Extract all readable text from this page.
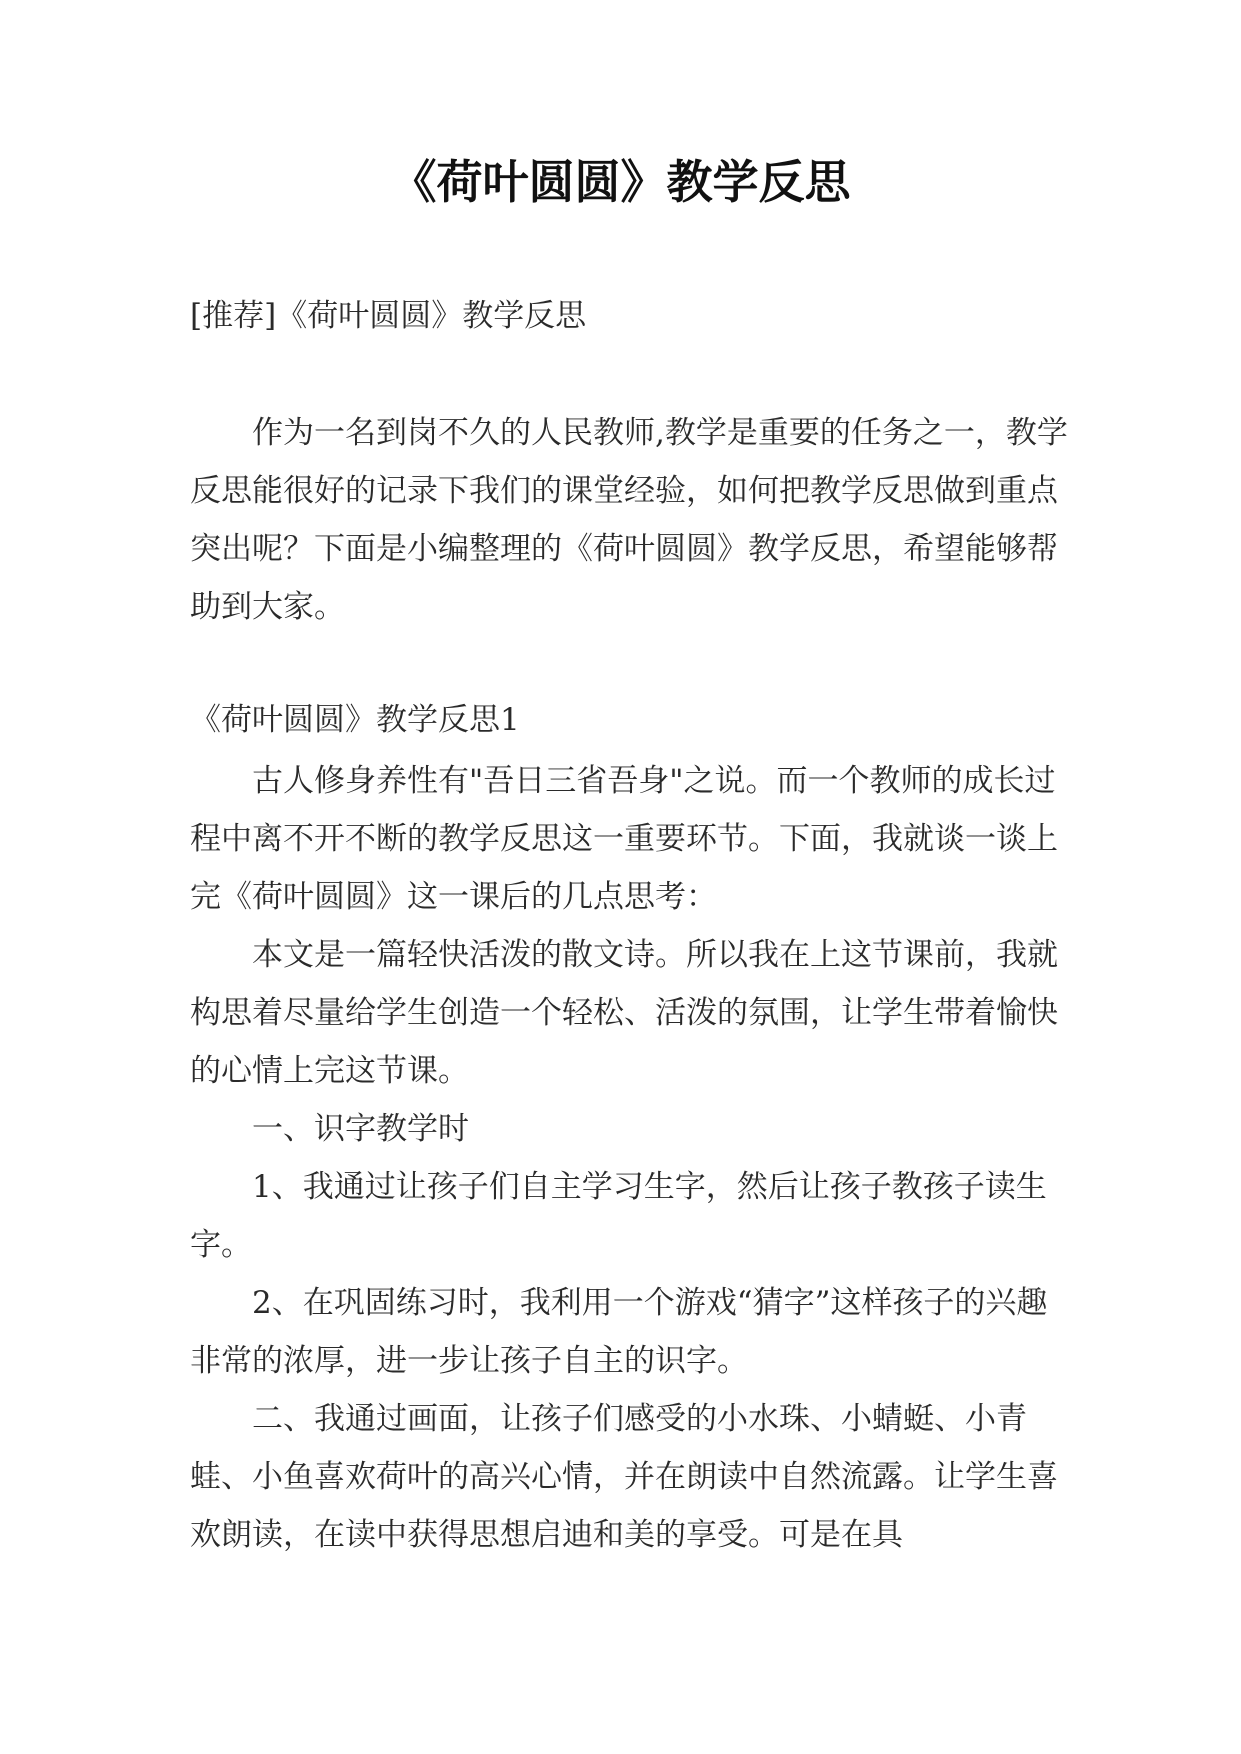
《荷叶圆圆》教学反思

[推荐]《荷叶圆圆》教学反思

作为一名到岗不久的人民教师,教学是重要的任务之一，教学反思能很好的记录下我们的课堂经验，如何把教学反思做到重点突出呢？下面是小编整理的《荷叶圆圆》教学反思，希望能够帮助到大家。

《荷叶圆圆》教学反思1

古人修身养性有"吾日三省吾身"之说。而一个教师的成长过程中离不开不断的教学反思这一重要环节。下面，我就谈一谈上完《荷叶圆圆》这一课后的几点思考：

本文是一篇轻快活泼的散文诗。所以我在上这节课前，我就构思着尽量给学生创造一个轻松、活泼的氛围，让学生带着愉快的心情上完这节课。

一、识字教学时

1、我通过让孩子们自主学习生字，然后让孩子教孩子读生字。

2、在巩固练习时，我利用一个游戏“猜字”这样孩子的兴趣非常的浓厚，进一步让孩子自主的识字。

二、我通过画面，让孩子们感受的小水珠、小蜻蜓、小青蛙、小鱼喜欢荷叶的高兴心情，并在朗读中自然流露。让学生喜欢朗读，在读中获得思想启迪和美的享受。可是在具
